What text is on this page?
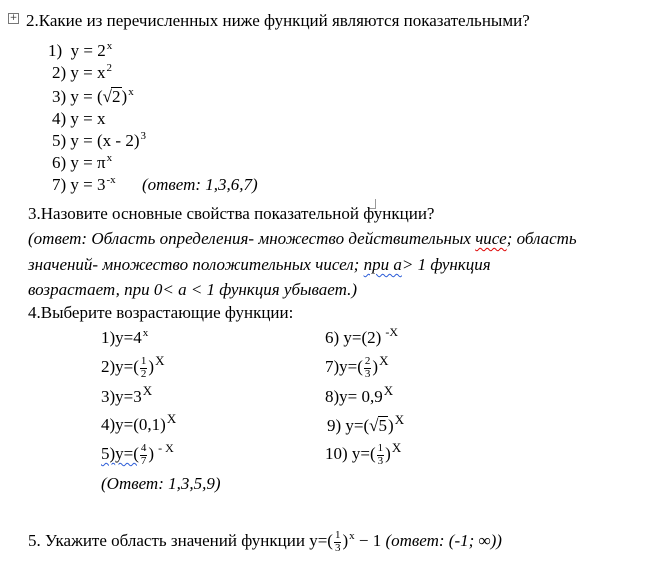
+ 2.Какие из перечисленных ниже функций являются показательными?
1) $y = 2^x$
2) $y = x^2$
3) $y = (√2)^x$
4) y = x
5) y = (x - 2)$^3$
6) $y = \pi^x$
7) $y = 3^{-x}$ (ответ: 1,3,6,7)
3.Назовите основные свойства показательной функции?
(ответ: Область определения- множество действительных чисе; область
значений- множество положительных чисел; при а> 1 функция
возрастает, при 0< a < 1 функция убывает.)
4.Выберите возрастающие функции:
$1)y=4^x$
$2)y=( \frac{1}{2} )^X$
$3)y=3^X$
$4)y=(0,1)^X$
$5)y=( \frac{4}{7}$ ) $^{- X}$
6) y=(2) $^{-X}$
$7)y=( \frac{2}{3} )^X$
$8)y= 0,9^X$
9) $y=(√5)^X$
10) $y=( \frac{1}{3} )^X$
(Ответ: 1,3,5,9)
5. Укажите область значений функции $y=( \frac{1}{3} )^x - 1$ (ответ: (-1; ∞))
